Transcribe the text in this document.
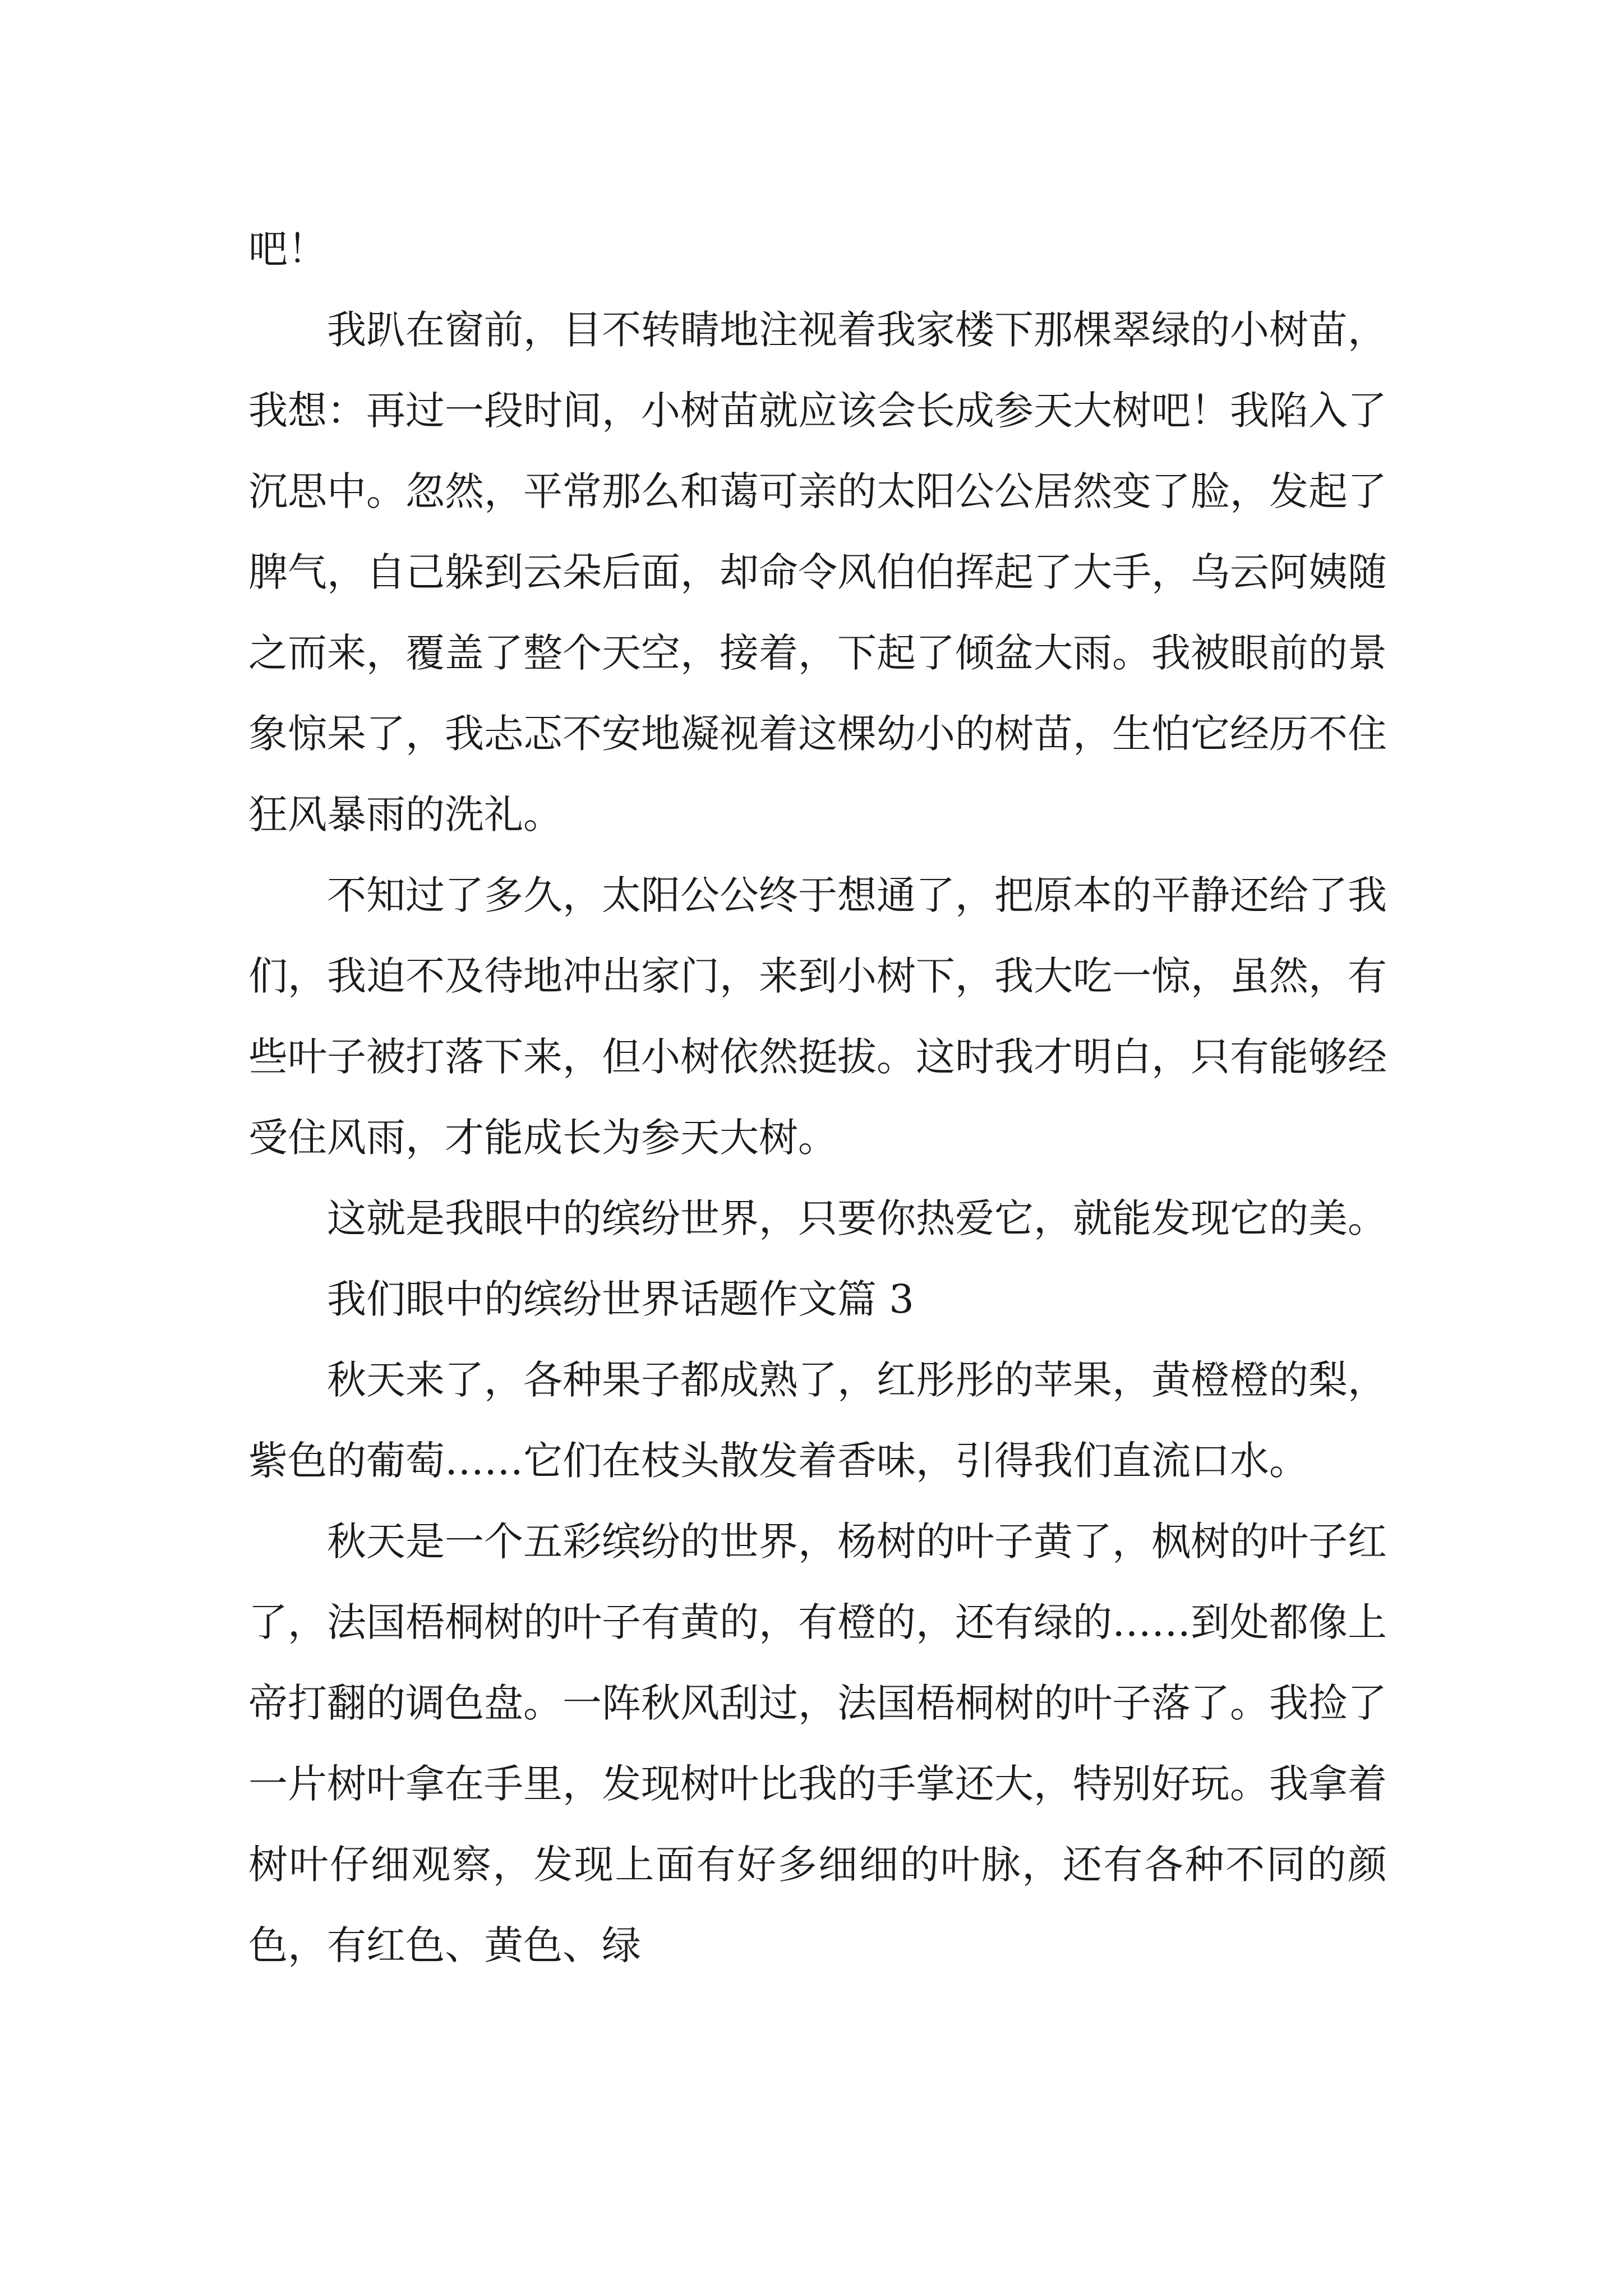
吧！

我趴在窗前，目不转睛地注视着我家楼下那棵翠绿的小树苗，我想：再过一段时间，小树苗就应该会长成参天大树吧！我陷入了沉思中。忽然，平常那么和蔼可亲的太阳公公居然变了脸，发起了脾气，自己躲到云朵后面，却命令风伯伯挥起了大手，乌云阿姨随之而来，覆盖了整个天空，接着，下起了倾盆大雨。我被眼前的景象惊呆了，我忐忑不安地凝视着这棵幼小的树苗，生怕它经历不住狂风暴雨的洗礼。

不知过了多久，太阳公公终于想通了，把原本的平静还给了我们，我迫不及待地冲出家门，来到小树下，我大吃一惊，虽然，有些叶子被打落下来，但小树依然挺拔。这时我才明白，只有能够经受住风雨，才能成长为参天大树。

这就是我眼中的缤纷世界，只要你热爱它，就能发现它的美。

我们眼中的缤纷世界话题作文篇 3

秋天来了，各种果子都成熟了，红彤彤的苹果，黄橙橙的梨，紫色的葡萄……它们在枝头散发着香味，引得我们直流口水。

秋天是一个五彩缤纷的世界，杨树的叶子黄了，枫树的叶子红了，法国梧桐树的叶子有黄的，有橙的，还有绿的……到处都像上帝打翻的调色盘。一阵秋风刮过，法国梧桐树的叶子落了。我捡了一片树叶拿在手里，发现树叶比我的手掌还大，特别好玩。我拿着树叶仔细观察，发现上面有好多细细的叶脉，还有各种不同的颜色，有红色、黄色、绿
